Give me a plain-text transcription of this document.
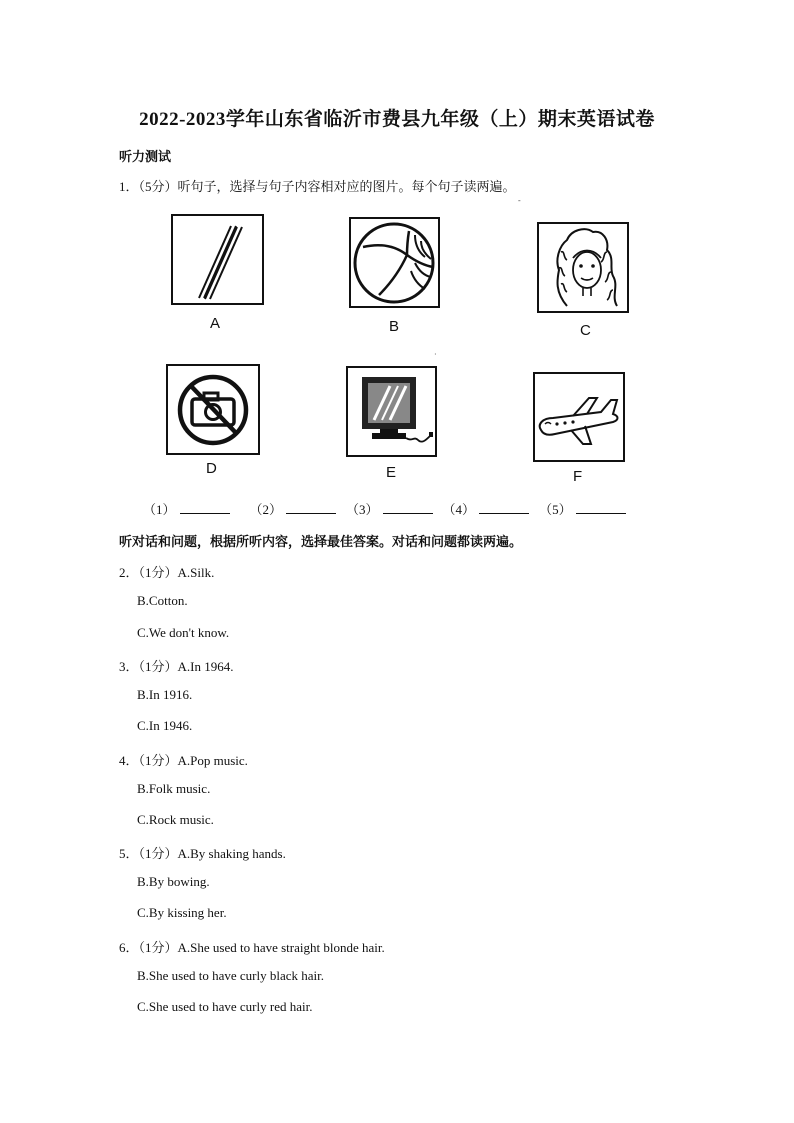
2022-2023学年山东省临沂市费县九年级（上）期末英语试卷
听力测试
1．（5分）听句子，选择与句子内容相对应的图片。每个句子读两遍。
-
A	B	C
D	E
·
F
（1）	（2）	（3）	（4）	（5）
听对话和问题，根据所听内容，选择最佳答案。对话和问题都读两遍。
2．（1分）A.Silk.
B.Cotton.
C.We don't know.
3．（1分）A.In 1964.
B.In 1916.
C.In 1946.
4．（1分）A.Pop music.
B.Folk music.
C.Rock music.
5．（1分）A.By shaking hands.
B.By bowing.
C.By kissing her.
6．（1分）A.She used to have straight blonde hair.
B.She used to have curly black hair.
C.She used to have curly red hair.
